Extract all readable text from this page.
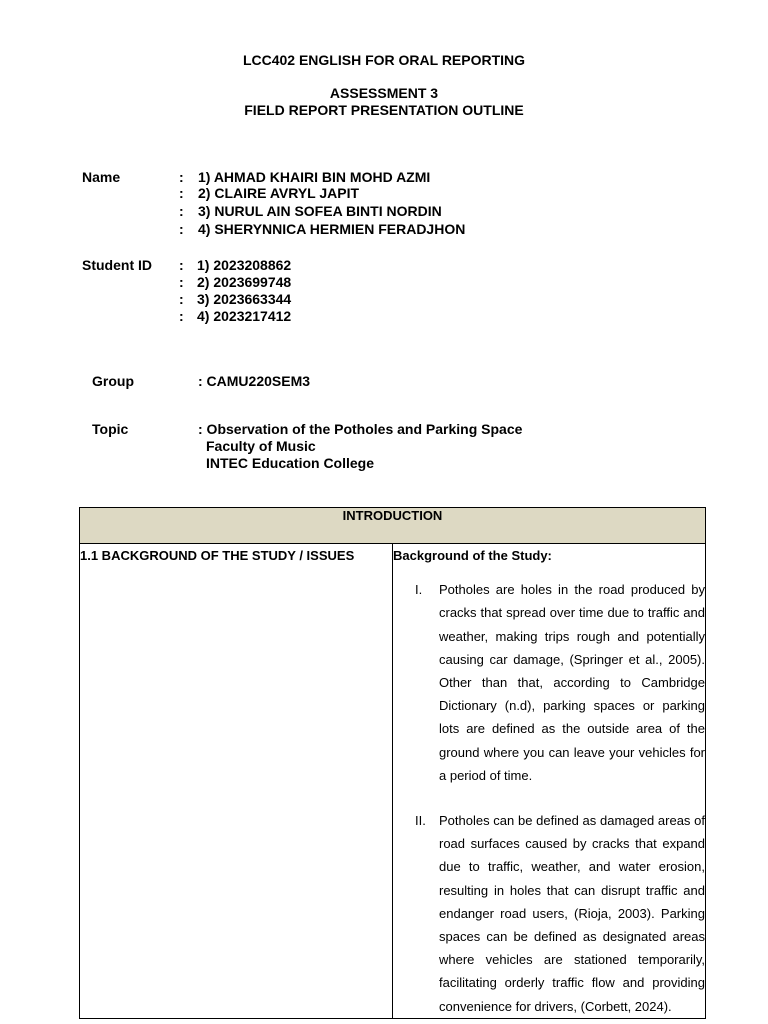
LCC402 ENGLISH FOR ORAL REPORTING
ASSESSMENT 3
FIELD REPORT PRESENTATION OUTLINE
Name	: 1) AHMAD KHAIRI BIN MOHD AZMI
: 2) CLAIRE AVRYL JAPIT
: 3) NURUL AIN SOFEA BINTI NORDIN
: 4) SHERYNNICA HERMIEN FERADJHON
Student ID : 1) 2023208862
: 2) 2023699748
: 3) 2023663344
: 4) 2023217412
Group	: CAMU220SEM3
Topic	: Observation of the Potholes and Parking Space
Faculty of Music
INTEC Education College
INTRODUCTION
1.1 BACKGROUND OF THE STUDY / ISSUES	Background of the Study:
I.	Potholes are holes in the road produced by cracks that spread over time due to traffic and weather, making trips rough and potentially causing car damage, (Springer et al., 2005). Other than that, according to Cambridge Dictionary (n.d), parking spaces or parking lots are defined as the outside area of the ground where you can leave your vehicles for a period of time.
II.	Potholes can be defined as damaged areas of road surfaces caused by cracks that expand due to traffic, weather, and water erosion, resulting in holes that can disrupt traffic and endanger road users, (Rioja, 2003). Parking spaces can be defined as designated areas where vehicles are stationed temporarily, facilitating orderly traffic flow and providing convenience for drivers, (Corbett, 2024).
